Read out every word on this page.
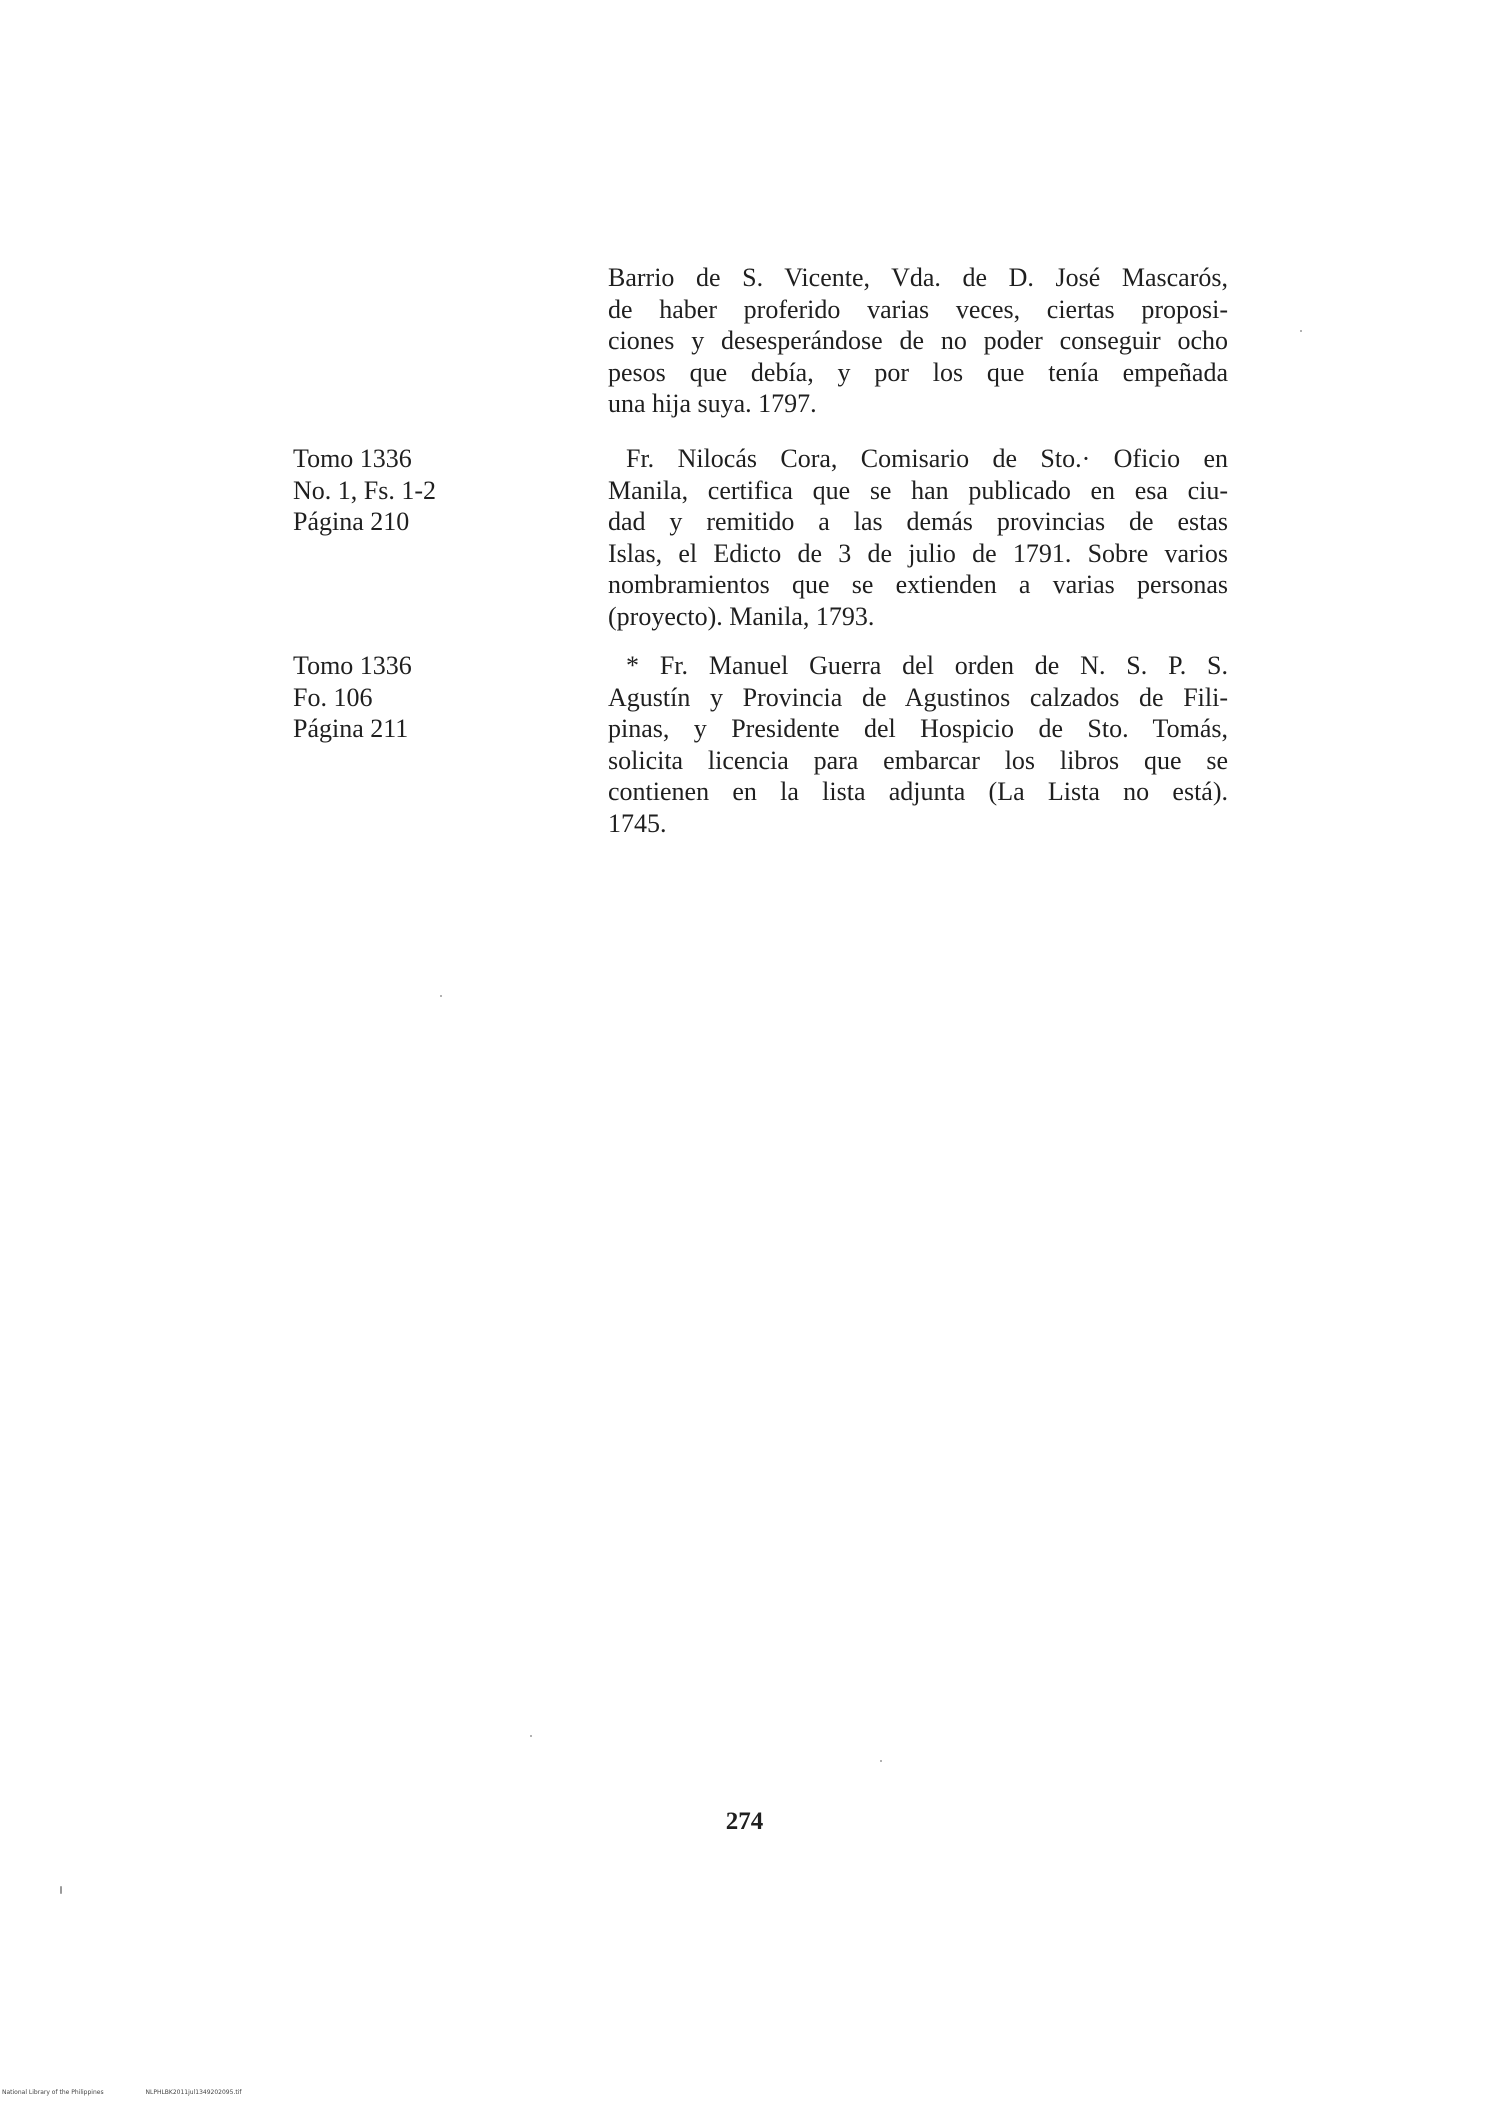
Barrio de S. Vicente, Vda. de D. José Mascarós,
de haber proferido varias veces, ciertas proposi-
ciones y desesperándose de no poder conseguir ocho
pesos que debía, y por los que tenía empeñada
una hija suya. 1797.

Tomo 1336
No. 1, Fs. 1-2
Página 210

Fr. Nilocás Cora, Comisario de Sto.· Oficio en
Manila, certifica que se han publicado en esa ciu-
dad y remitido a las demás provincias de estas
Islas, el Edicto de 3 de julio de 1791. Sobre varios
nombramientos que se extienden a varias personas
(proyecto). Manila, 1793.

Tomo 1336
Fo. 106
Página 211

* Fr. Manuel Guerra del orden de N. S. P. S.
Agustín y Provincia de Agustinos calzados de Fili-
pinas, y Presidente del Hospicio de Sto. Tomás,
solicita licencia para embarcar los libros que se
contienen en la lista adjunta (La Lista no está).
1745.

274
National Library of the Philippines	NLPHLBK2011jul1349202095.tif
